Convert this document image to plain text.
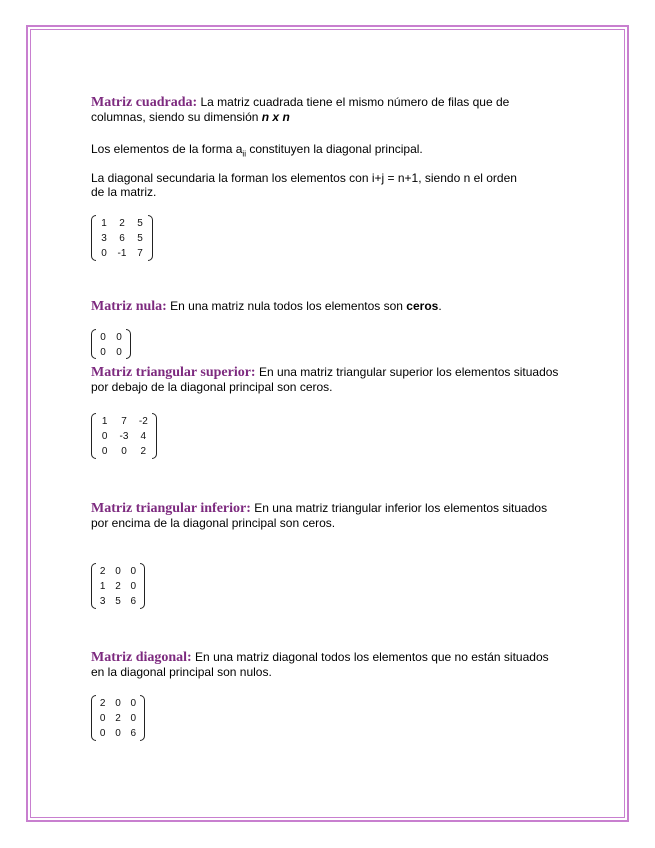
Matriz cuadrada: La matriz cuadrada tiene el mismo número de filas que de columnas, siendo su dimensión n x n

Los elementos de la forma $a_{ii}$ constituyen la diagonal principal.

La diagonal secundaria la forman los elementos con i+j = n+1, siendo n el orden de la matriz.

1	2	5
3	6	5
0	-1	7

Matriz nula: En una matriz nula todos los elementos son ceros.

0	0
0	0

Matriz triangular superior: En una matriz triangular superior los elementos situados por debajo de la diagonal principal son ceros.

1	7	-2
0	-3	4
0	0	2

Matriz triangular inferior: En una matriz triangular inferior los elementos situados por encima de la diagonal principal son ceros.

2 0 0
1 2 0
3 5 6

Matriz diagonal: En una matriz diagonal todos los elementos que no están situados en la diagonal principal son nulos.

2 0 0
0 2 0
0 0 6
